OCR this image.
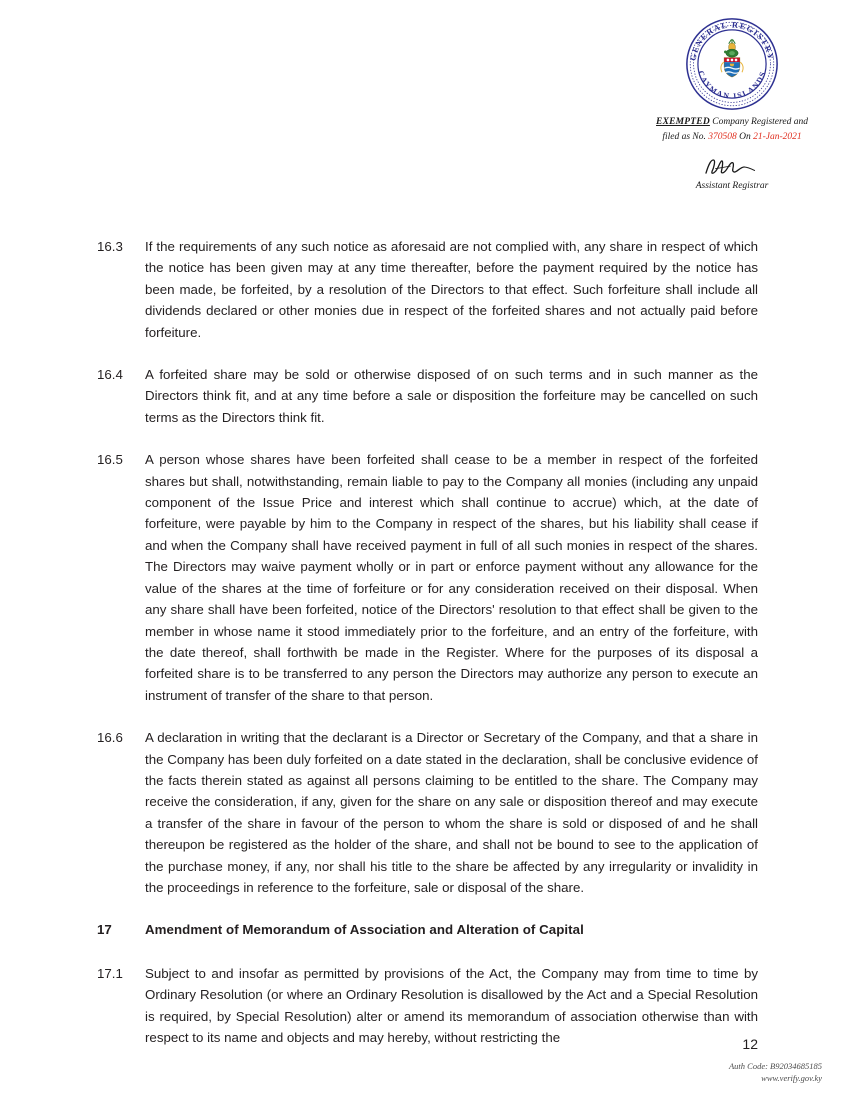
GENERAL REGISTRY
CAYMAN ISLANDS
EXEMPTED Company Registered and
filed as No. 370508 On 21-Jan-2021
Assistant Registrar
16.3	If the requirements of any such notice as aforesaid are not complied with, any share in respect of which the notice has been given may at any time thereafter, before the payment required by the notice has been made, be forfeited, by a resolution of the Directors to that effect. Such forfeiture shall include all dividends declared or other monies due in respect of the forfeited shares and not actually paid before forfeiture.
16.4	A forfeited share may be sold or otherwise disposed of on such terms and in such manner as the Directors think fit, and at any time before a sale or disposition the forfeiture may be cancelled on such terms as the Directors think fit.
16.5	A person whose shares have been forfeited shall cease to be a member in respect of the forfeited shares but shall, notwithstanding, remain liable to pay to the Company all monies (including any unpaid component of the Issue Price and interest which shall continue to accrue) which, at the date of forfeiture, were payable by him to the Company in respect of the shares, but his liability shall cease if and when the Company shall have received payment in full of all such monies in respect of the shares. The Directors may waive payment wholly or in part or enforce payment without any allowance for the value of the shares at the time of forfeiture or for any consideration received on their disposal. When any share shall have been forfeited, notice of the Directors' resolution to that effect shall be given to the member in whose name it stood immediately prior to the forfeiture, and an entry of the forfeiture, with the date thereof, shall forthwith be made in the Register. Where for the purposes of its disposal a forfeited share is to be transferred to any person the Directors may authorize any person to execute an instrument of transfer of the share to that person.
16.6	A declaration in writing that the declarant is a Director or Secretary of the Company, and that a share in the Company has been duly forfeited on a date stated in the declaration, shall be conclusive evidence of the facts therein stated as against all persons claiming to be entitled to the share. The Company may receive the consideration, if any, given for the share on any sale or disposition thereof and may execute a transfer of the share in favour of the person to whom the share is sold or disposed of and he shall thereupon be registered as the holder of the share, and shall not be bound to see to the application of the purchase money, if any, nor shall his title to the share be affected by any irregularity or invalidity in the proceedings in reference to the forfeiture, sale or disposal of the share.
17	Amendment of Memorandum of Association and Alteration of Capital
17.1	Subject to and insofar as permitted by provisions of the Act, the Company may from time to time by Ordinary Resolution (or where an Ordinary Resolution is disallowed by the Act and a Special Resolution is required, by Special Resolution) alter or amend its memorandum of association otherwise than with respect to its name and objects and may hereby, without restricting the	12
Auth Code: B92034685185
www.verify.gov.ky
